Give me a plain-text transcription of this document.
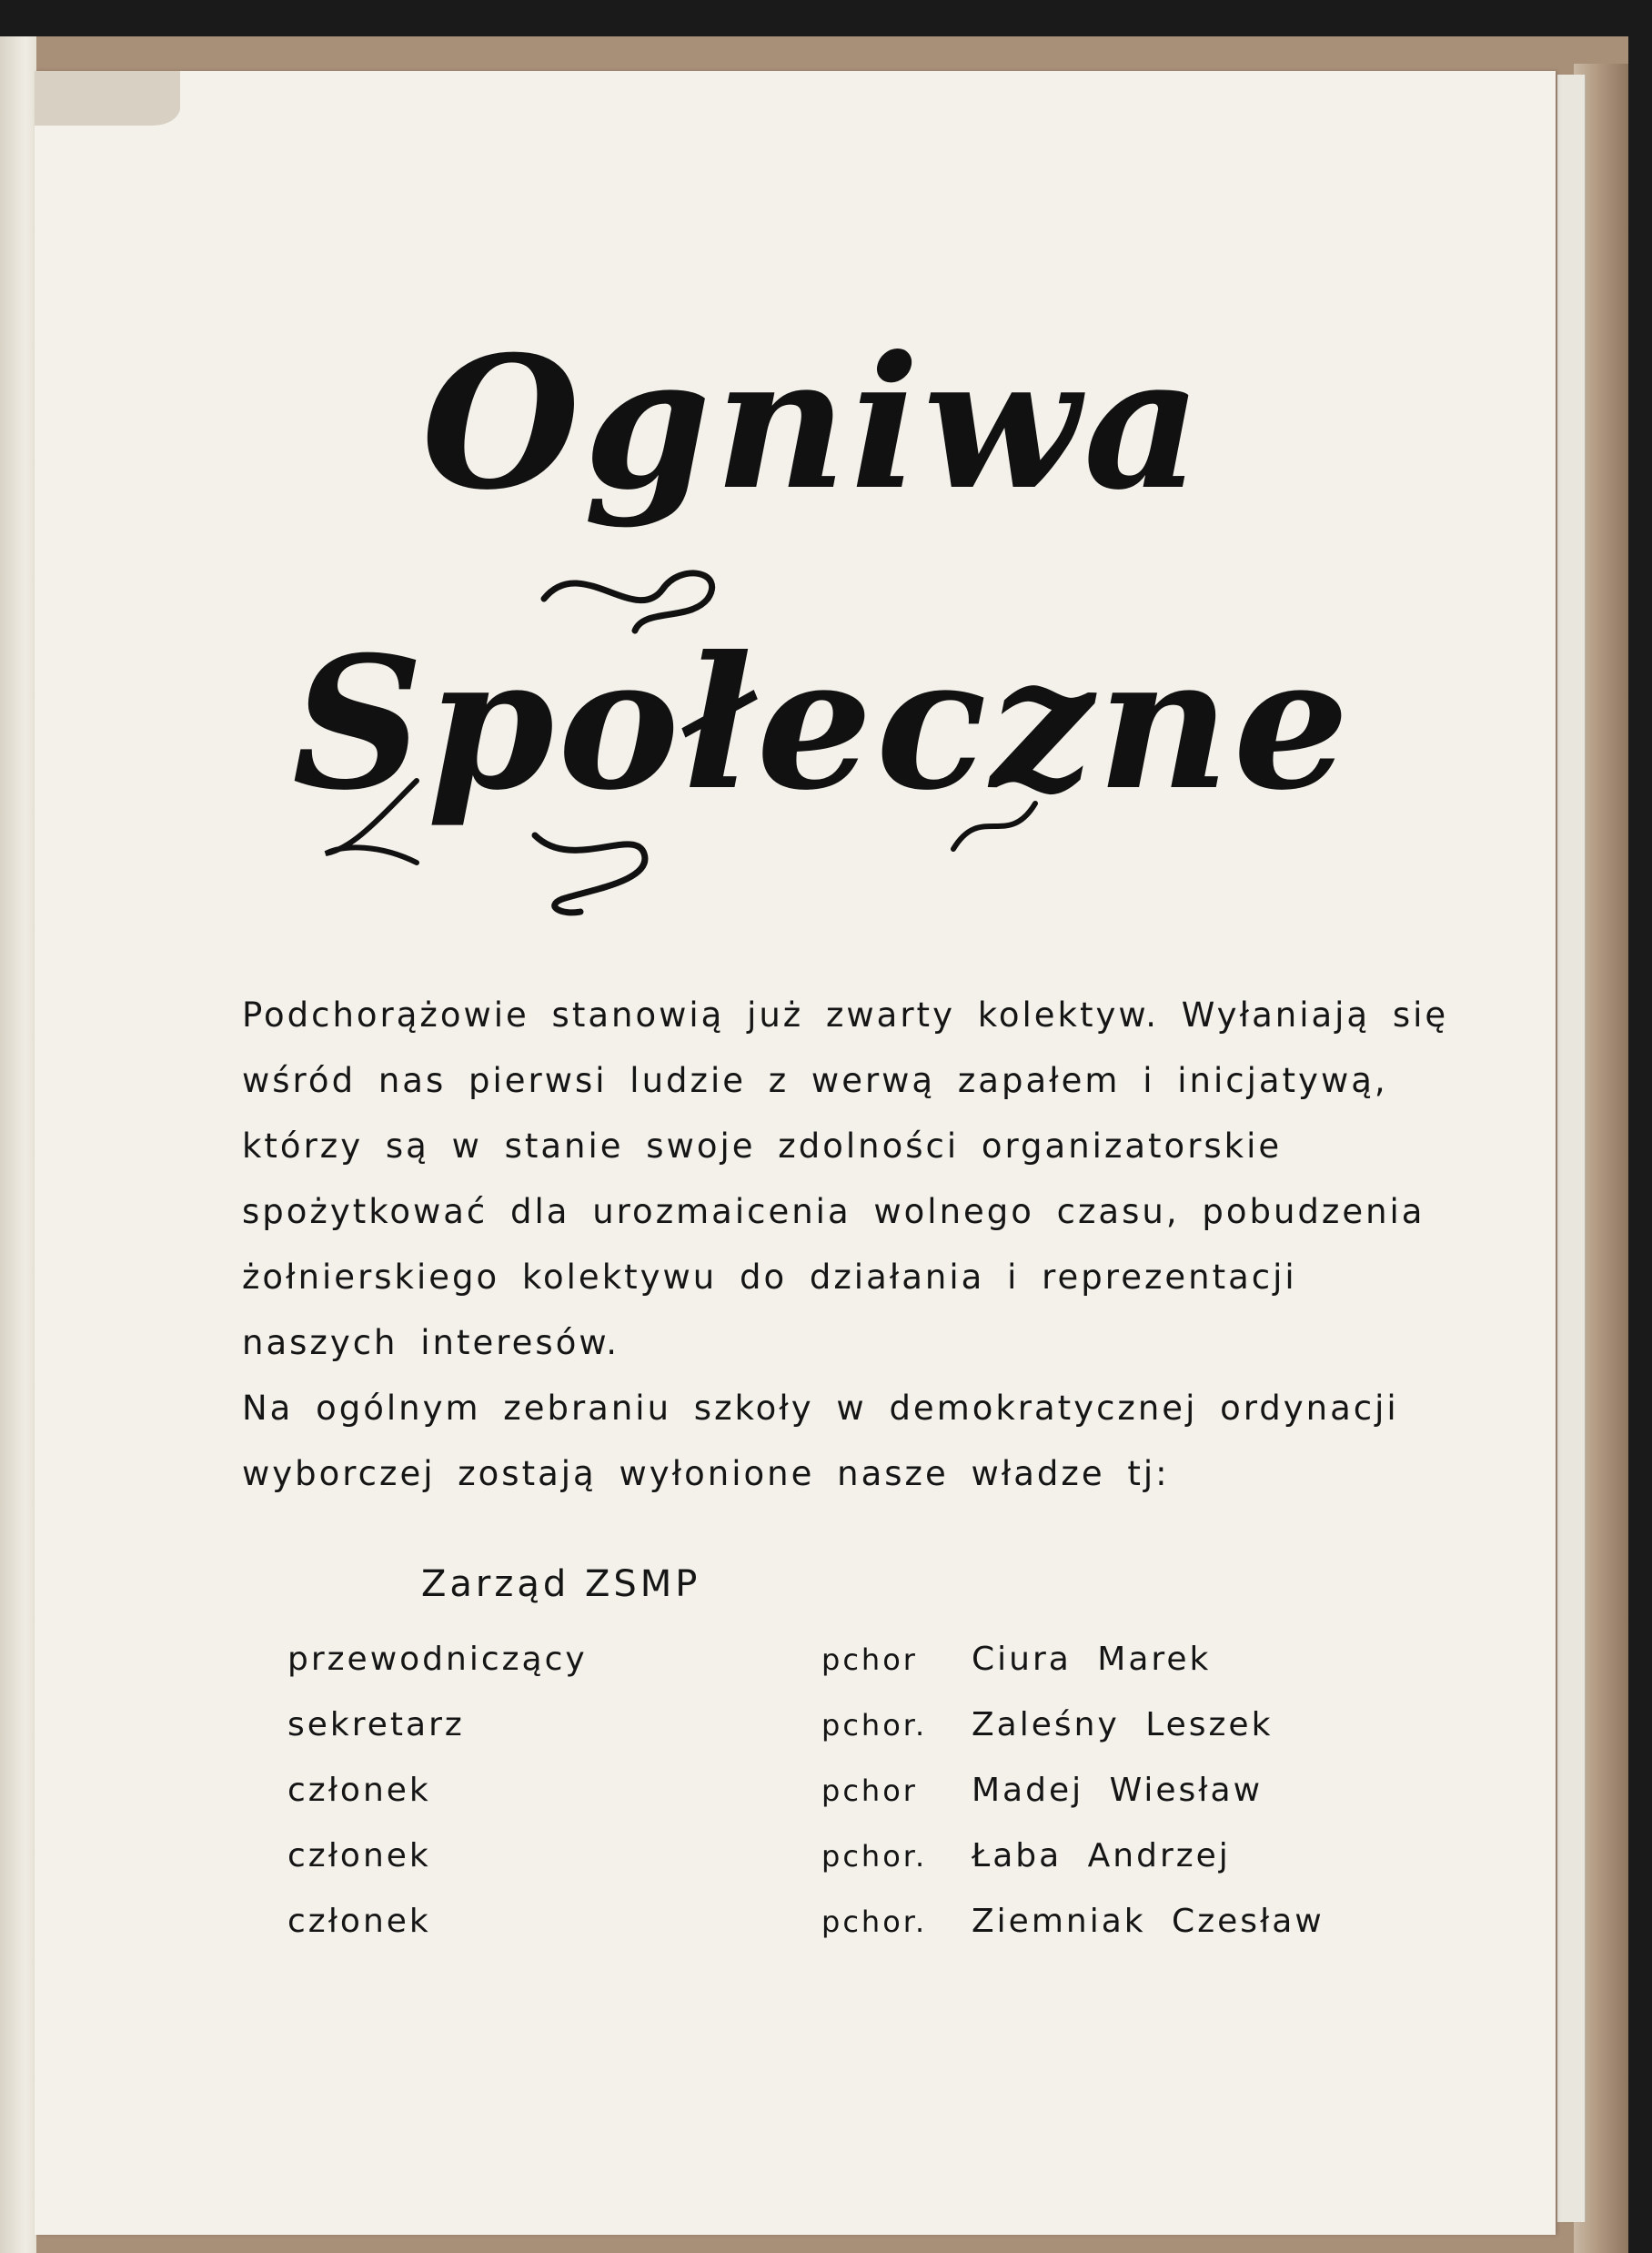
Ogniwa
Społeczne
Podchorążowie stanowią już zwarty kolektyw. Wyłaniają się
wśród nas pierwsi ludzie z werwą zapałem i inicjatywą,
którzy są w stanie swoje zdolności organizatorskie
spożytkować dla urozmaicenia wolnego czasu, pobudzenia
żołnierskiego kolektywu do działania i reprezentacji
naszych interesów.
Na ogólnym zebraniu szkoły w demokratycznej ordynacji
wyborczej zostają wyłonione nasze władze tj:
Zarząd ZSMP
przewodniczący	pchor Ciura Marek
sekretarz	pchor. Zaleśny Leszek
członek	pchor Madej Wiesław
członek	pchor. Łaba Andrzej
członek	pchor. Ziemniak Czesław
